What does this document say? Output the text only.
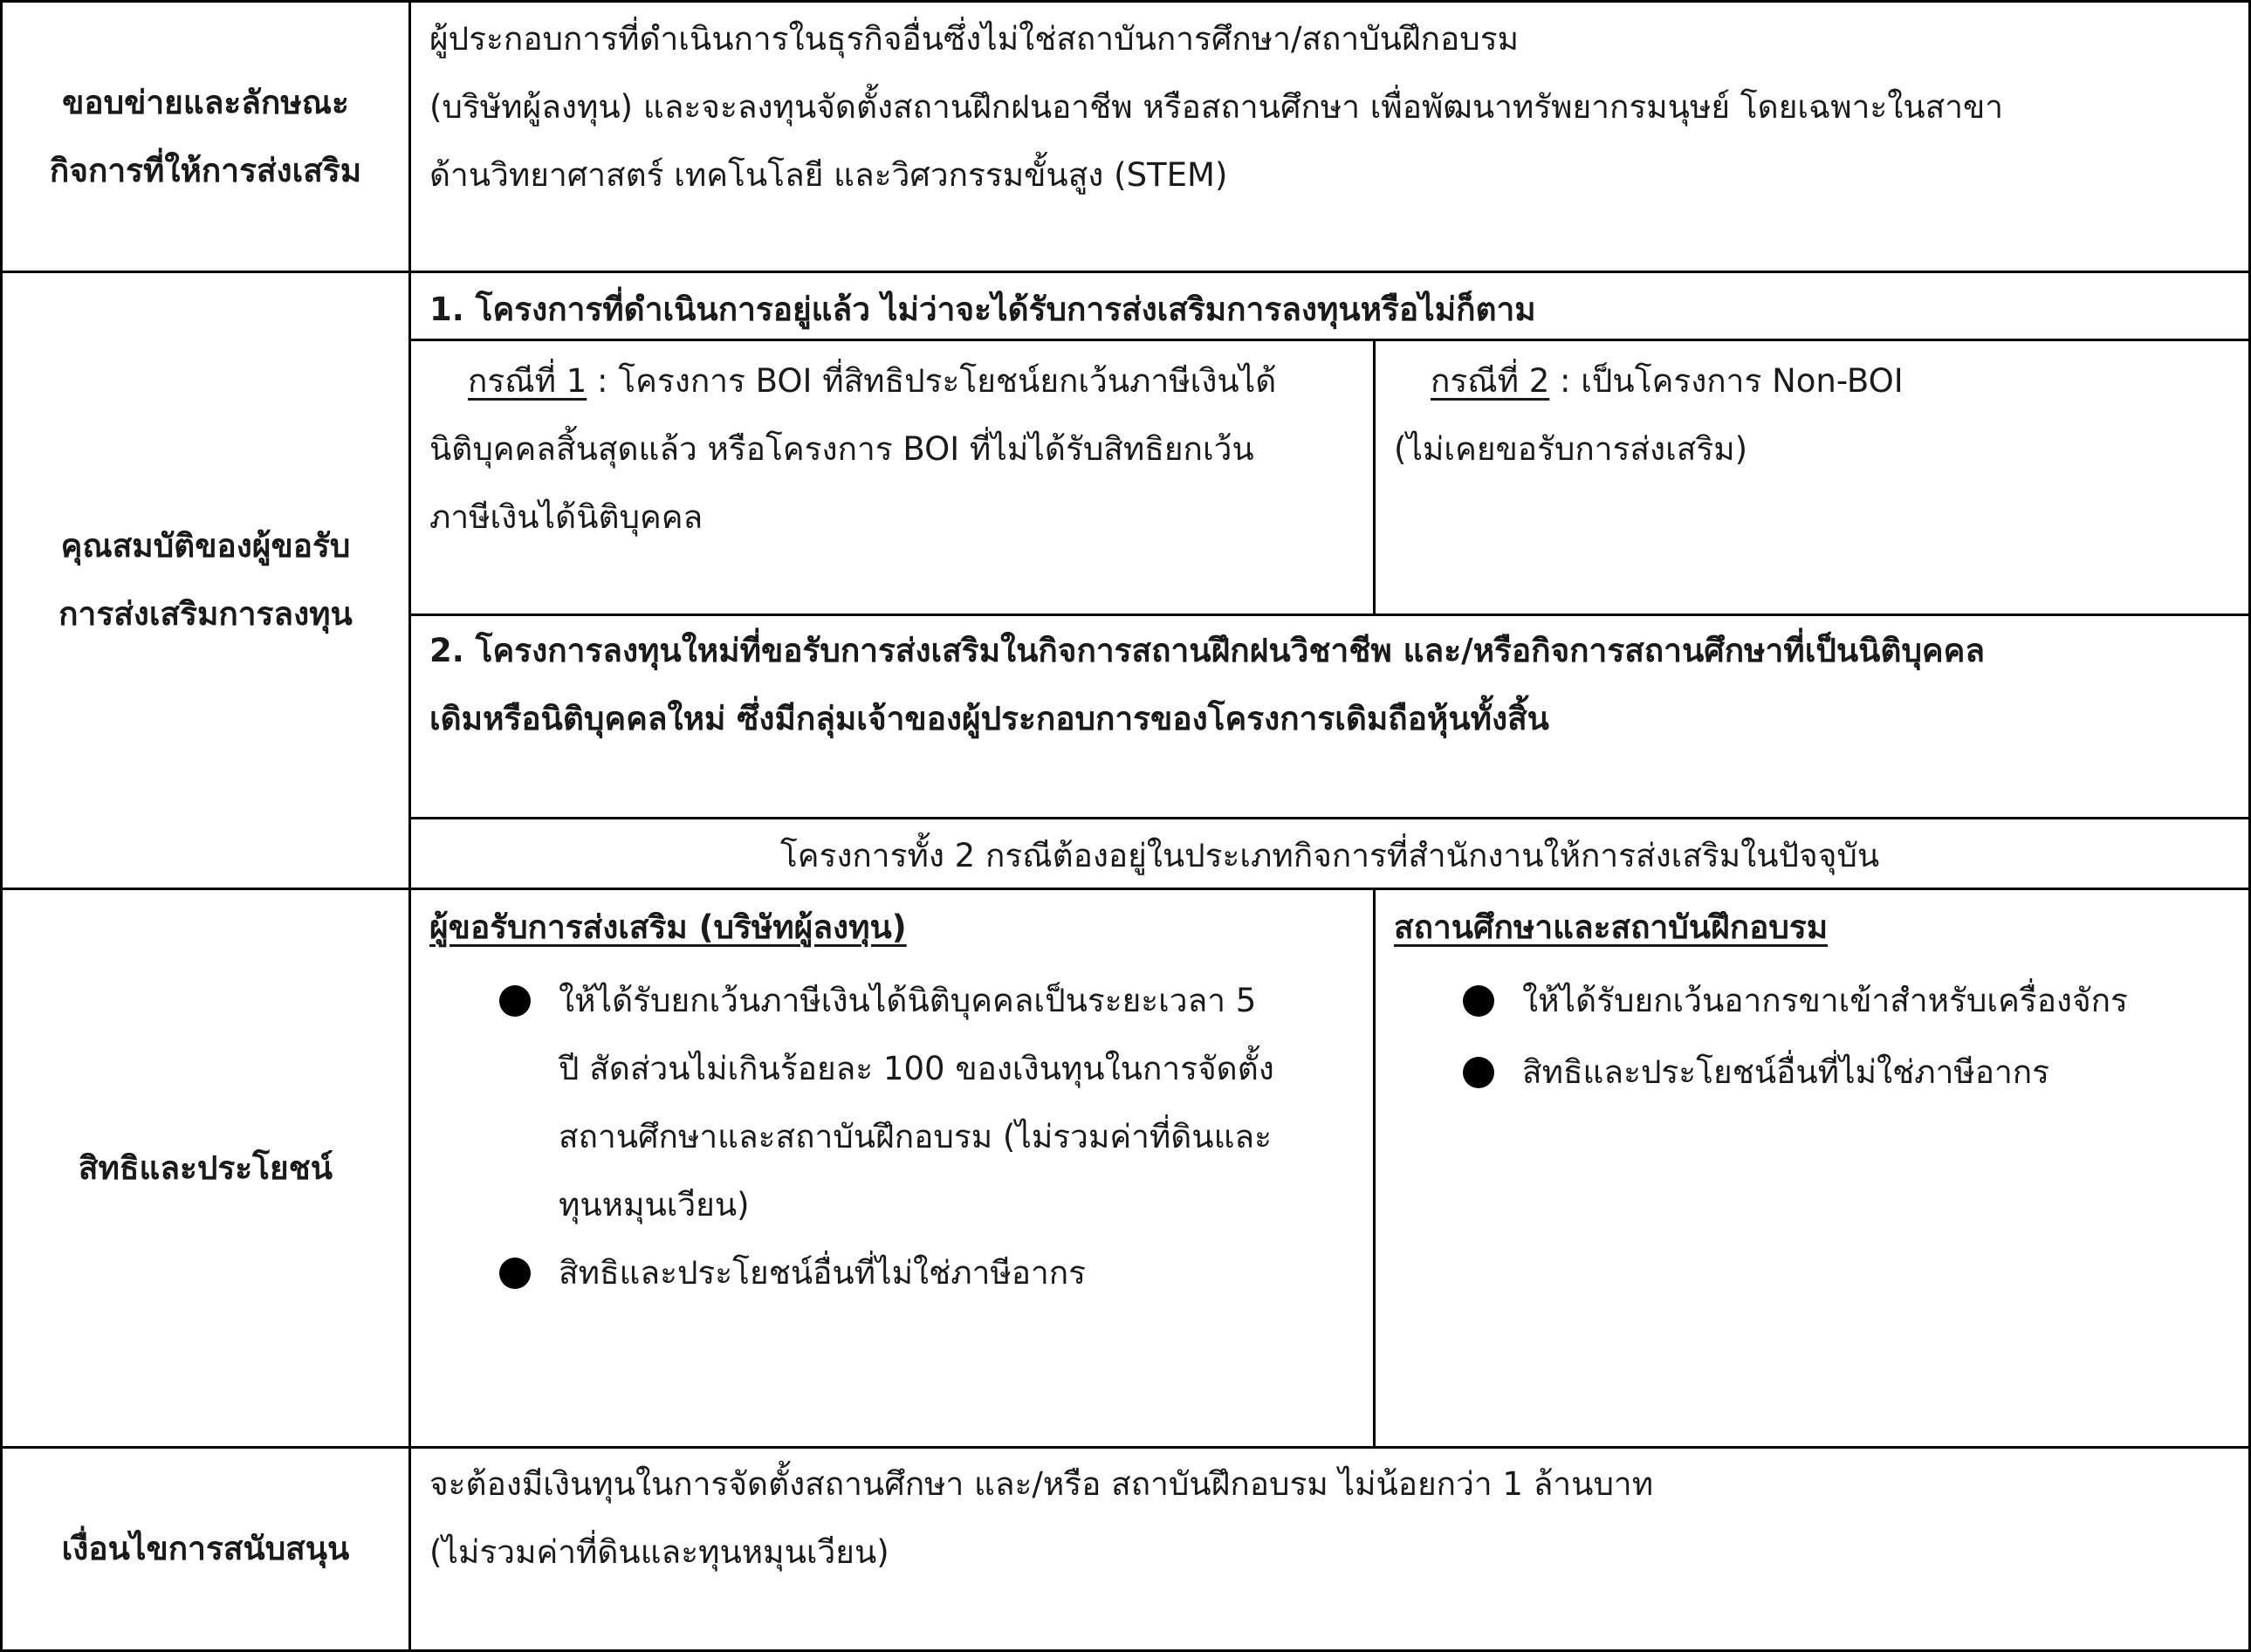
ขอบข่ายและลักษณะ
กิจการที่ให้การส่งเสริม
ผู้ประกอบการที่ดำเนินการในธุรกิจอื่นซึ่งไม่ใช่สถาบันการศึกษา/สถาบันฝึกอบรม
(บริษัทผู้ลงทุน) และจะลงทุนจัดตั้งสถานฝึกฝนอาชีพ หรือสถานศึกษา เพื่อพัฒนาทรัพยากรมนุษย์ โดยเฉพาะในสาขา
ด้านวิทยาศาสตร์ เทคโนโลยี และวิศวกรรมขั้นสูง (STEM)
คุณสมบัติของผู้ขอรับ
การส่งเสริมการลงทุน
1. โครงการที่ดำเนินการอยู่แล้ว ไม่ว่าจะได้รับการส่งเสริมการลงทุนหรือไม่ก็ตาม
กรณีที่ 1 : โครงการ BOI ที่สิทธิประโยชน์ยกเว้นภาษีเงินได้
นิติบุคคลสิ้นสุดแล้ว หรือโครงการ BOI ที่ไม่ได้รับสิทธิยกเว้น
ภาษีเงินได้นิติบุคคล
กรณีที่ 2 : เป็นโครงการ Non-BOI
(ไม่เคยขอรับการส่งเสริม)
2. โครงการลงทุนใหม่ที่ขอรับการส่งเสริมในกิจการสถานฝึกฝนวิชาชีพ และ/หรือกิจการสถานศึกษาที่เป็นนิติบุคคล
เดิมหรือนิติบุคคลใหม่ ซึ่งมีกลุ่มเจ้าของผู้ประกอบการของโครงการเดิมถือหุ้นทั้งสิ้น
โครงการทั้ง 2 กรณีต้องอยู่ในประเภทกิจการที่สำนักงานให้การส่งเสริมในปัจจุบัน
สิทธิและประโยชน์
ผู้ขอรับการส่งเสริม (บริษัทผู้ลงทุน)
ให้ได้รับยกเว้นภาษีเงินได้นิติบุคคลเป็นระยะเวลา 5
ปี สัดส่วนไม่เกินร้อยละ 100 ของเงินทุนในการจัดตั้ง
สถานศึกษาและสถาบันฝึกอบรม (ไม่รวมค่าที่ดินและ
ทุนหมุนเวียน)
สิทธิและประโยชน์อื่นที่ไม่ใช่ภาษีอากร
สถานศึกษาและสถาบันฝึกอบรม
ให้ได้รับยกเว้นอากรขาเข้าสำหรับเครื่องจักร
สิทธิและประโยชน์อื่นที่ไม่ใช่ภาษีอากร
เงื่อนไขการสนับสนุน
จะต้องมีเงินทุนในการจัดตั้งสถานศึกษา และ/หรือ สถาบันฝึกอบรม ไม่น้อยกว่า 1 ล้านบาท
(ไม่รวมค่าที่ดินและทุนหมุนเวียน)
